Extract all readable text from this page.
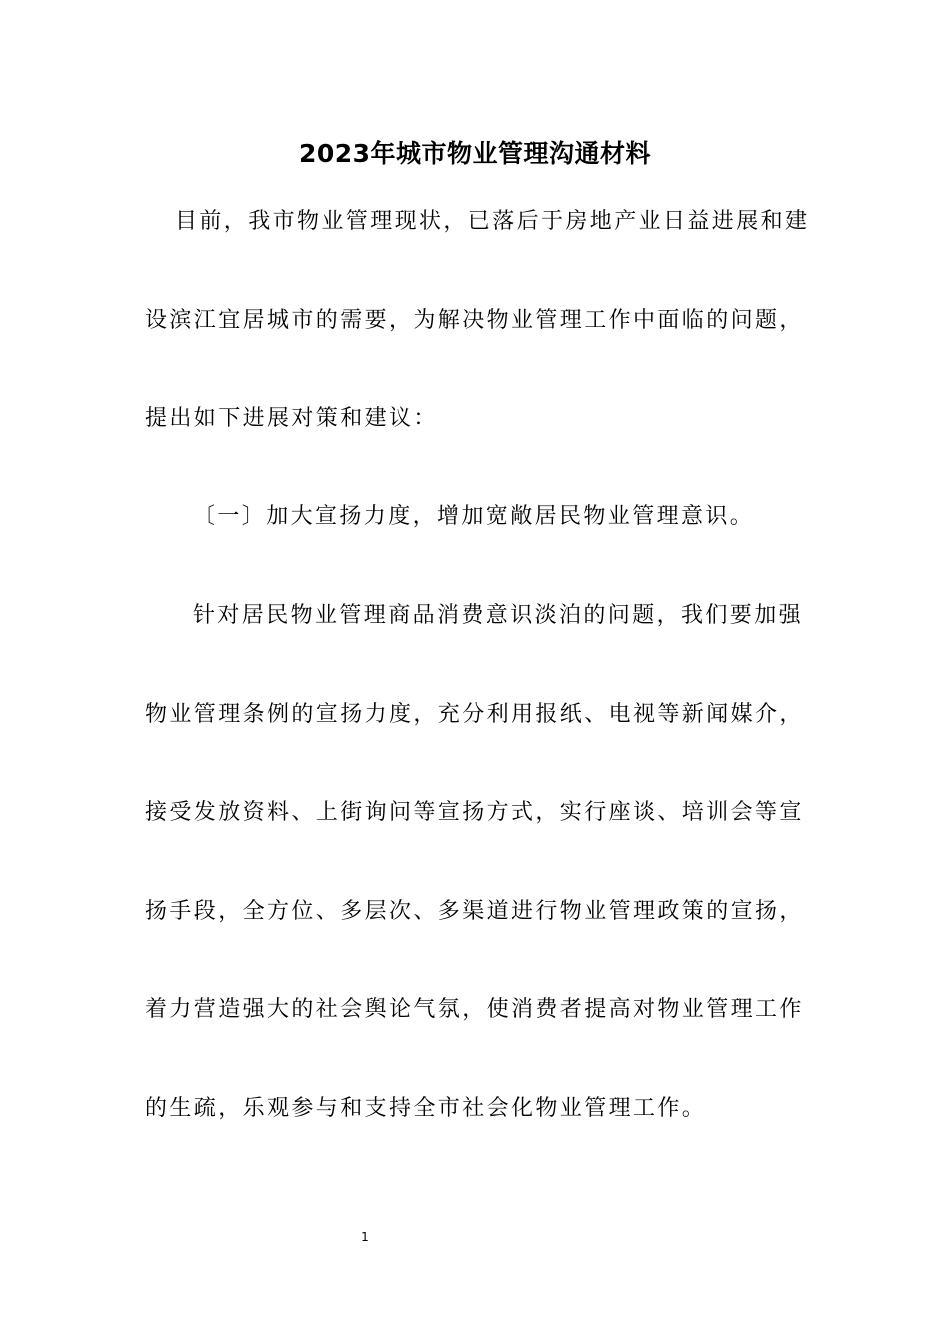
2023年城市物业管理沟通材料
目前，我市物业管理现状，已落后于房地产业日益进展和建
设滨江宜居城市的需要，为解决物业管理工作中面临的问题，
提出如下进展对策和建议：
〔一〕加大宣扬力度，增加宽敞居民物业管理意识。
针对居民物业管理商品消费意识淡泊的问题，我们要加强
物业管理条例的宣扬力度，充分利用报纸、电视等新闻媒介，
接受发放资料、上街询问等宣扬方式，实行座谈、培训会等宣
扬手段，全方位、多层次、多渠道进行物业管理政策的宣扬，
着力营造强大的社会舆论气氛，使消费者提高对物业管理工作
的生疏，乐观参与和支持全市社会化物业管理工作。
1
